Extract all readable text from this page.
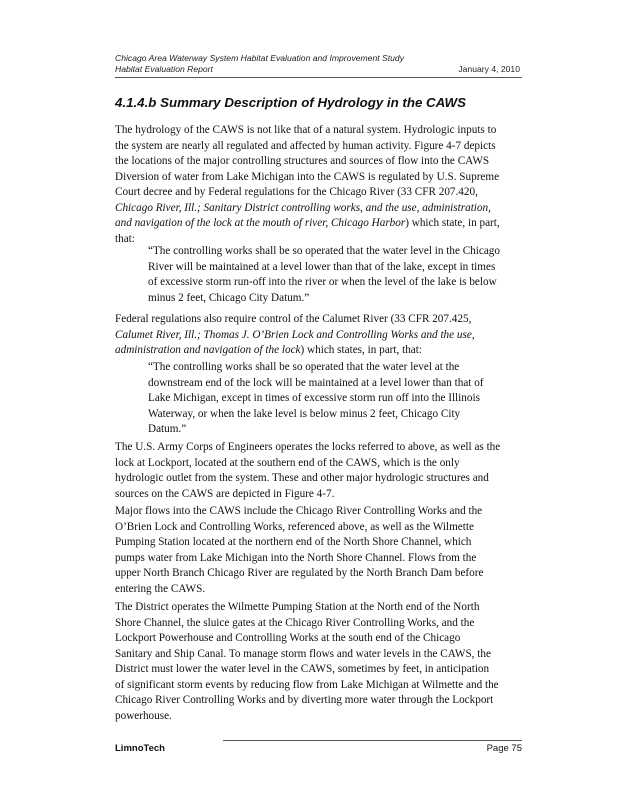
Chicago Area Waterway System Habitat Evaluation and Improvement Study
Habitat Evaluation Report	January 4, 2010
4.1.4.b Summary Description of Hydrology in the CAWS
The hydrology of the CAWS is not like that of a natural system. Hydrologic inputs to
the system are nearly all regulated and affected by human activity. Figure 4-7 depicts
the locations of the major controlling structures and sources of flow into the CAWS
Diversion of water from Lake Michigan into the CAWS is regulated by U.S. Supreme
Court decree and by Federal regulations for the Chicago River (33 CFR 207.420,
Chicago River, Ill.; Sanitary District controlling works, and the use, administration,
and navigation of the lock at the mouth of river, Chicago Harbor) which state, in part,
that:
“The controlling works shall be so operated that the water level in the Chicago
River will be maintained at a level lower than that of the lake, except in times
of excessive storm run-off into the river or when the level of the lake is below
minus 2 feet, Chicago City Datum.”
Federal regulations also require control of the Calumet River (33 CFR 207.425,
Calumet River, Ill.; Thomas J. O’Brien Lock and Controlling Works and the use,
administration and navigation of the lock) which states, in part, that:
“The controlling works shall be so operated that the water level at the
downstream end of the lock will be maintained at a level lower than that of
Lake Michigan, except in times of excessive storm run off into the Illinois
Waterway, or when the lake level is below minus 2 feet, Chicago City
Datum.”
The U.S. Army Corps of Engineers operates the locks referred to above, as well as the
lock at Lockport, located at the southern end of the CAWS, which is the only
hydrologic outlet from the system. These and other major hydrologic structures and
sources on the CAWS are depicted in Figure 4-7.
Major flows into the CAWS include the Chicago River Controlling Works and the
O’Brien Lock and Controlling Works, referenced above, as well as the Wilmette
Pumping Station located at the northern end of the North Shore Channel, which
pumps water from Lake Michigan into the North Shore Channel. Flows from the
upper North Branch Chicago River are regulated by the North Branch Dam before
entering the CAWS.
The District operates the Wilmette Pumping Station at the North end of the North
Shore Channel, the sluice gates at the Chicago River Controlling Works, and the
Lockport Powerhouse and Controlling Works at the south end of the Chicago
Sanitary and Ship Canal. To manage storm flows and water levels in the CAWS, the
District must lower the water level in the CAWS, sometimes by feet, in anticipation
of significant storm events by reducing flow from Lake Michigan at Wilmette and the
Chicago River Controlling Works and by diverting more water through the Lockport
powerhouse.
LimnoTech	Page 75
